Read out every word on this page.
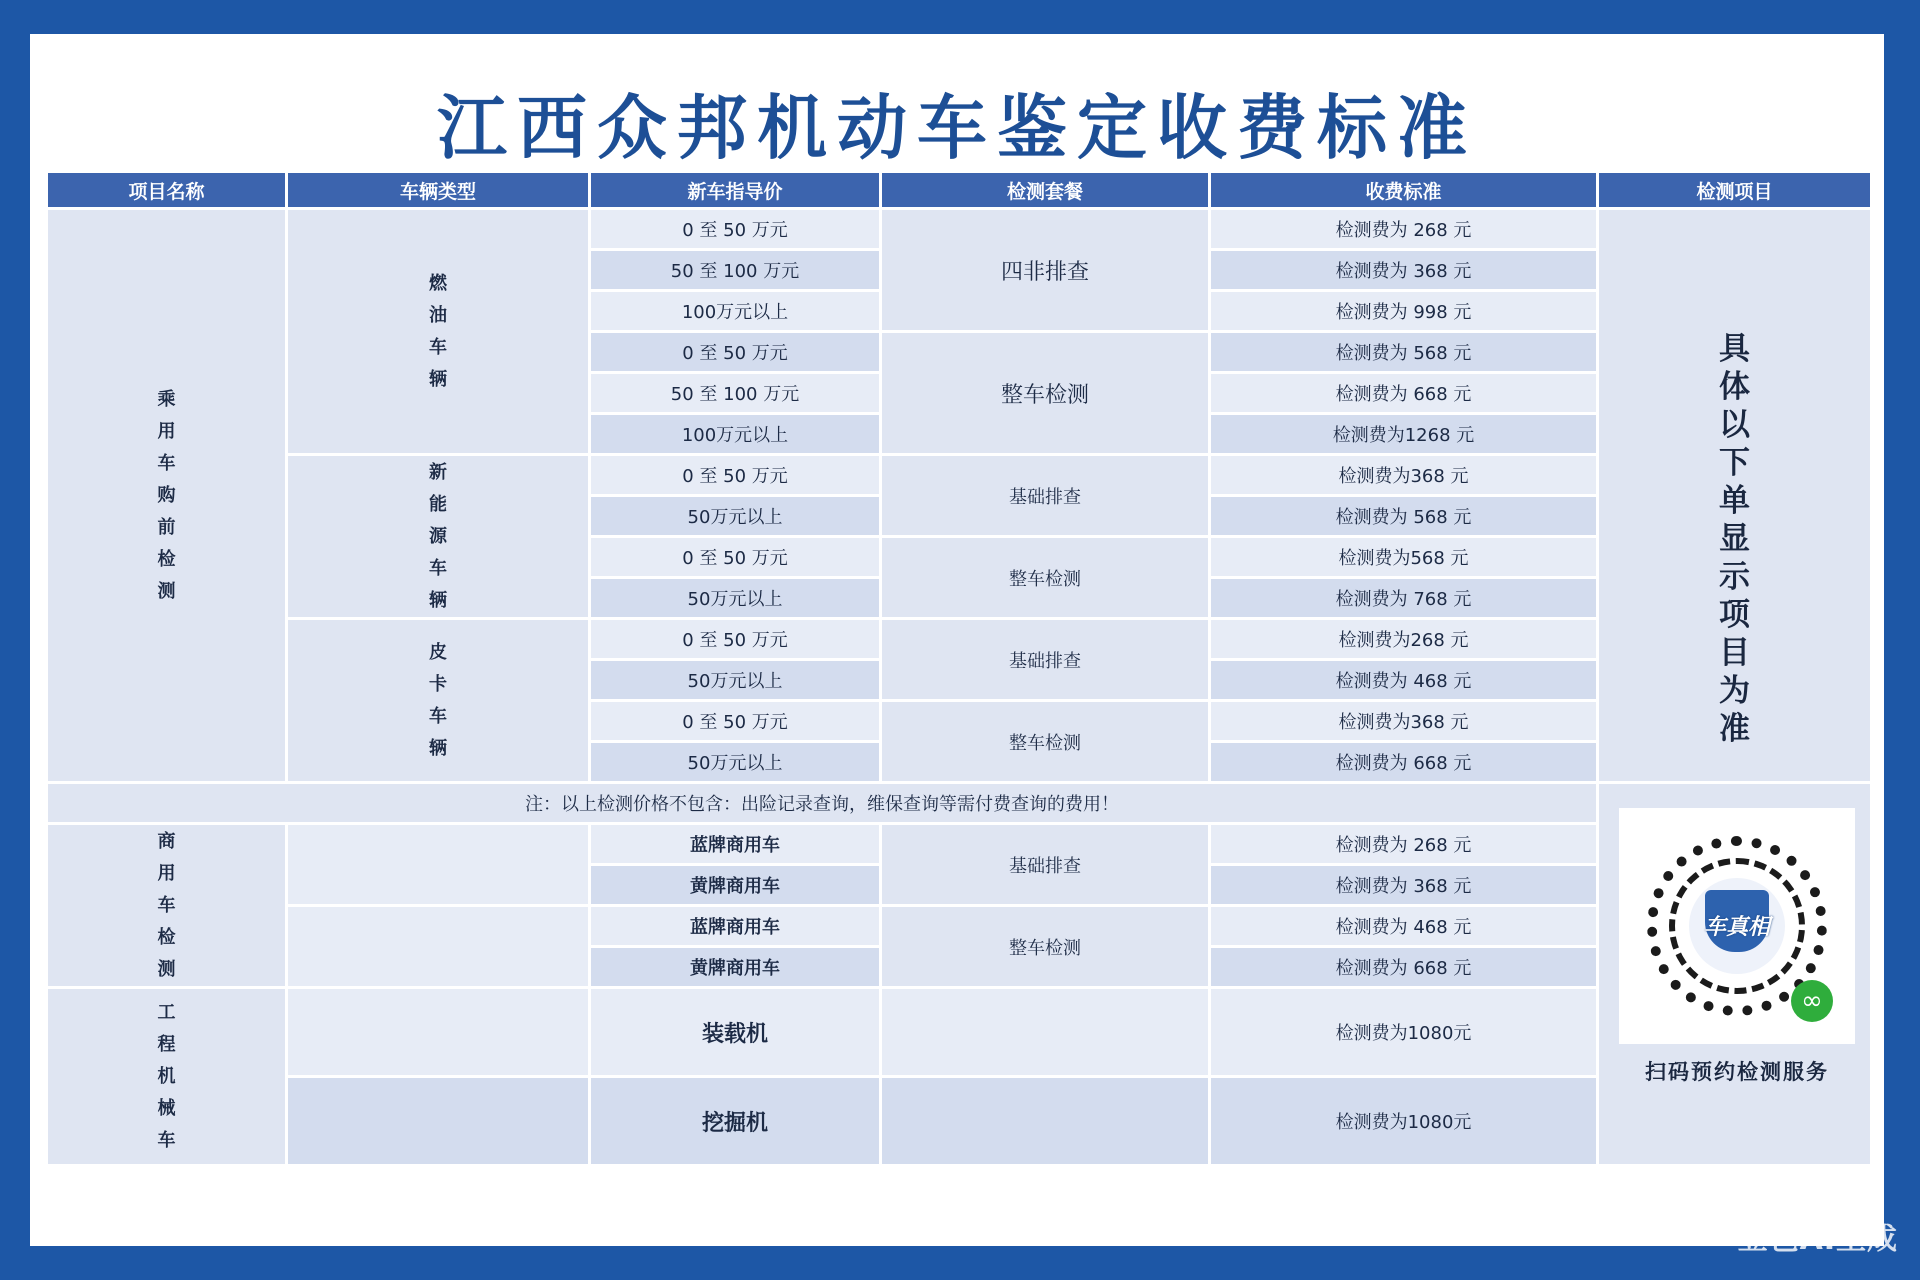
江西众邦机动车鉴定收费标准
项目名称	车辆类型	新车指导价	检测套餐	收费标准	检测项目
乘用车购前检测	燃油车辆	0 至 50 万元	四非排查	检测费为 268 元	具体以下单显示项目为准

		50 至 100 万元		检测费为 368 元	
		100万元以上		检测费为 998 元	
		0 至 50 万元	整车检测	检测费为 568 元	
		50 至 100 万元		检测费为 668 元	
		100万元以上		检测费为1268 元	
	新能源车辆	0 至 50 万元	基础排查	检测费为368 元	
		50万元以上		检测费为 568 元	
		0 至 50 万元	整车检测	检测费为568 元	
		50万元以上		检测费为 768 元	
	皮卡车辆	0 至 50 万元	基础排查	检测费为268 元	
		50万元以上		检测费为 468 元	
		0 至 50 万元	整车检测	检测费为368 元	
		50万元以上		检测费为 668 元	
注：以上检测价格不包含：出险记录查询，维保查询等需付费查询的费用！					车真相
∞
扫码预约检测服务

商用车检测		蓝牌商用车	基础排查	检测费为 268 元	
		黄牌商用车		检测费为 368 元	
		蓝牌商用车	整车检测	检测费为 468 元	
		黄牌商用车		检测费为 668 元	
工程机械车		装载机		检测费为1080元	
		挖掘机		检测费为1080元	
豆包AI生成
